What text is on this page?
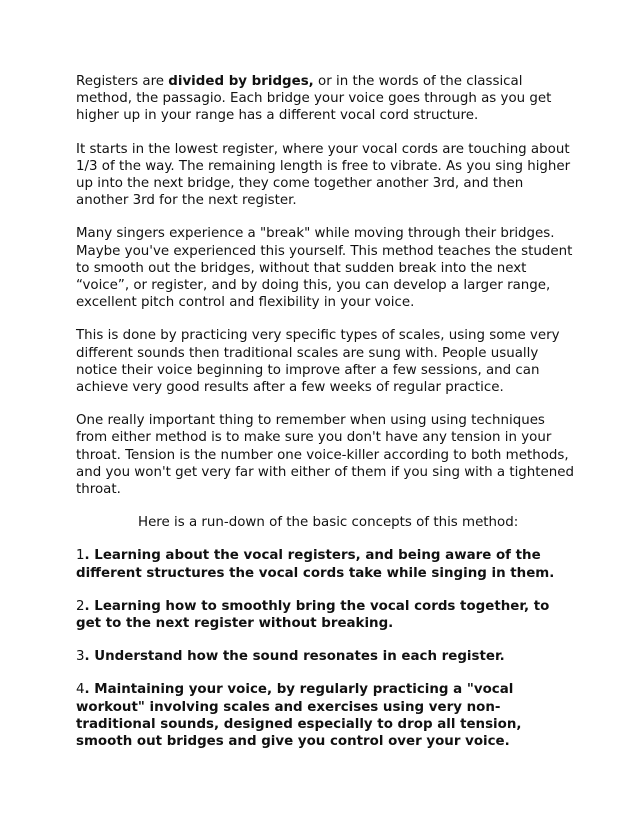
Registers are divided by bridges, or in the words of the classical method, the passagio. Each bridge your voice goes through as you get higher up in your range has a different vocal cord structure.

It starts in the lowest register, where your vocal cords are touching about 1/3 of the way. The remaining length is free to vibrate. As you sing higher up into the next bridge, they come together another 3rd, and then another 3rd for the next register.

Many singers experience a "break" while moving through their bridges. Maybe you've experienced this yourself. This method teaches the student to smooth out the bridges, without that sudden break into the next “voice”, or register, and by doing this, you can develop a larger range, excellent pitch control and flexibility in your voice.

This is done by practicing very specific types of scales, using some very different sounds then traditional scales are sung with. People usually notice their voice beginning to improve after a few sessions, and can achieve very good results after a few weeks of regular practice.

One really important thing to remember when using using techniques from either method is to make sure you don't have any tension in your throat. Tension is the number one voice-killer according to both methods, and you won't get very far with either of them if you sing with a tightened throat.

Here is a run-down of the basic concepts of this method:

1. Learning about the vocal registers, and being aware of the different structures the vocal cords take while singing in them.

2. Learning how to smoothly bring the vocal cords together, to get to the next register without breaking.

3. Understand how the sound resonates in each register.

4. Maintaining your voice, by regularly practicing a "vocal workout" involving scales and exercises using very non-traditional sounds, designed especially to drop all tension, smooth out bridges and give you control over your voice.
